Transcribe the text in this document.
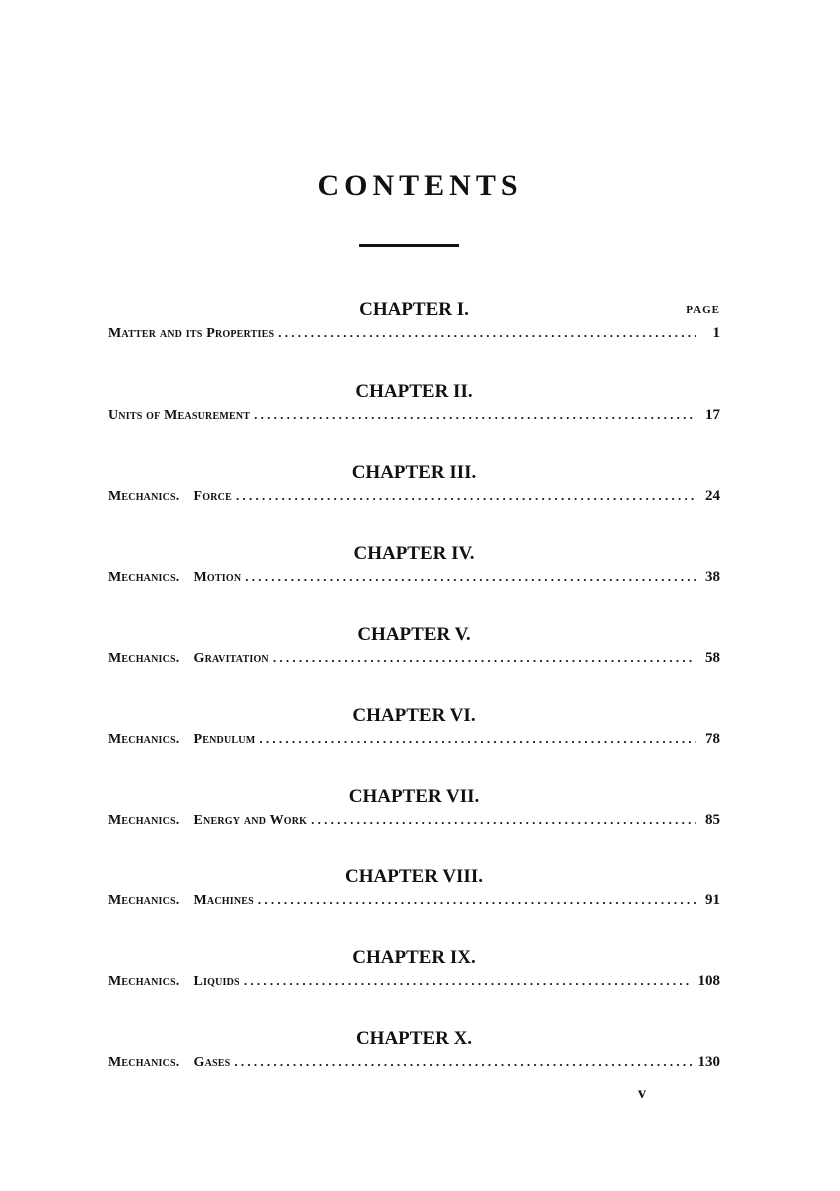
CONTENTS
CHAPTER I.	PAGE
Matter and its Properties . . .	1
CHAPTER II.
Units of Measurement . . .	17
CHAPTER III.
Mechanics. Force . . .	24
CHAPTER IV.
Mechanics. Motion . . .	38
CHAPTER V.
Mechanics. Gravitation . . .	58
CHAPTER VI.
Mechanics. Pendulum . . .	78
CHAPTER VII.
Mechanics. Energy and Work . . .	85
CHAPTER VIII.
Mechanics. Machines . . .	91
CHAPTER IX.
Mechanics. Liquids . . .	108
CHAPTER X.
Mechanics. Gases . . .	130
v
